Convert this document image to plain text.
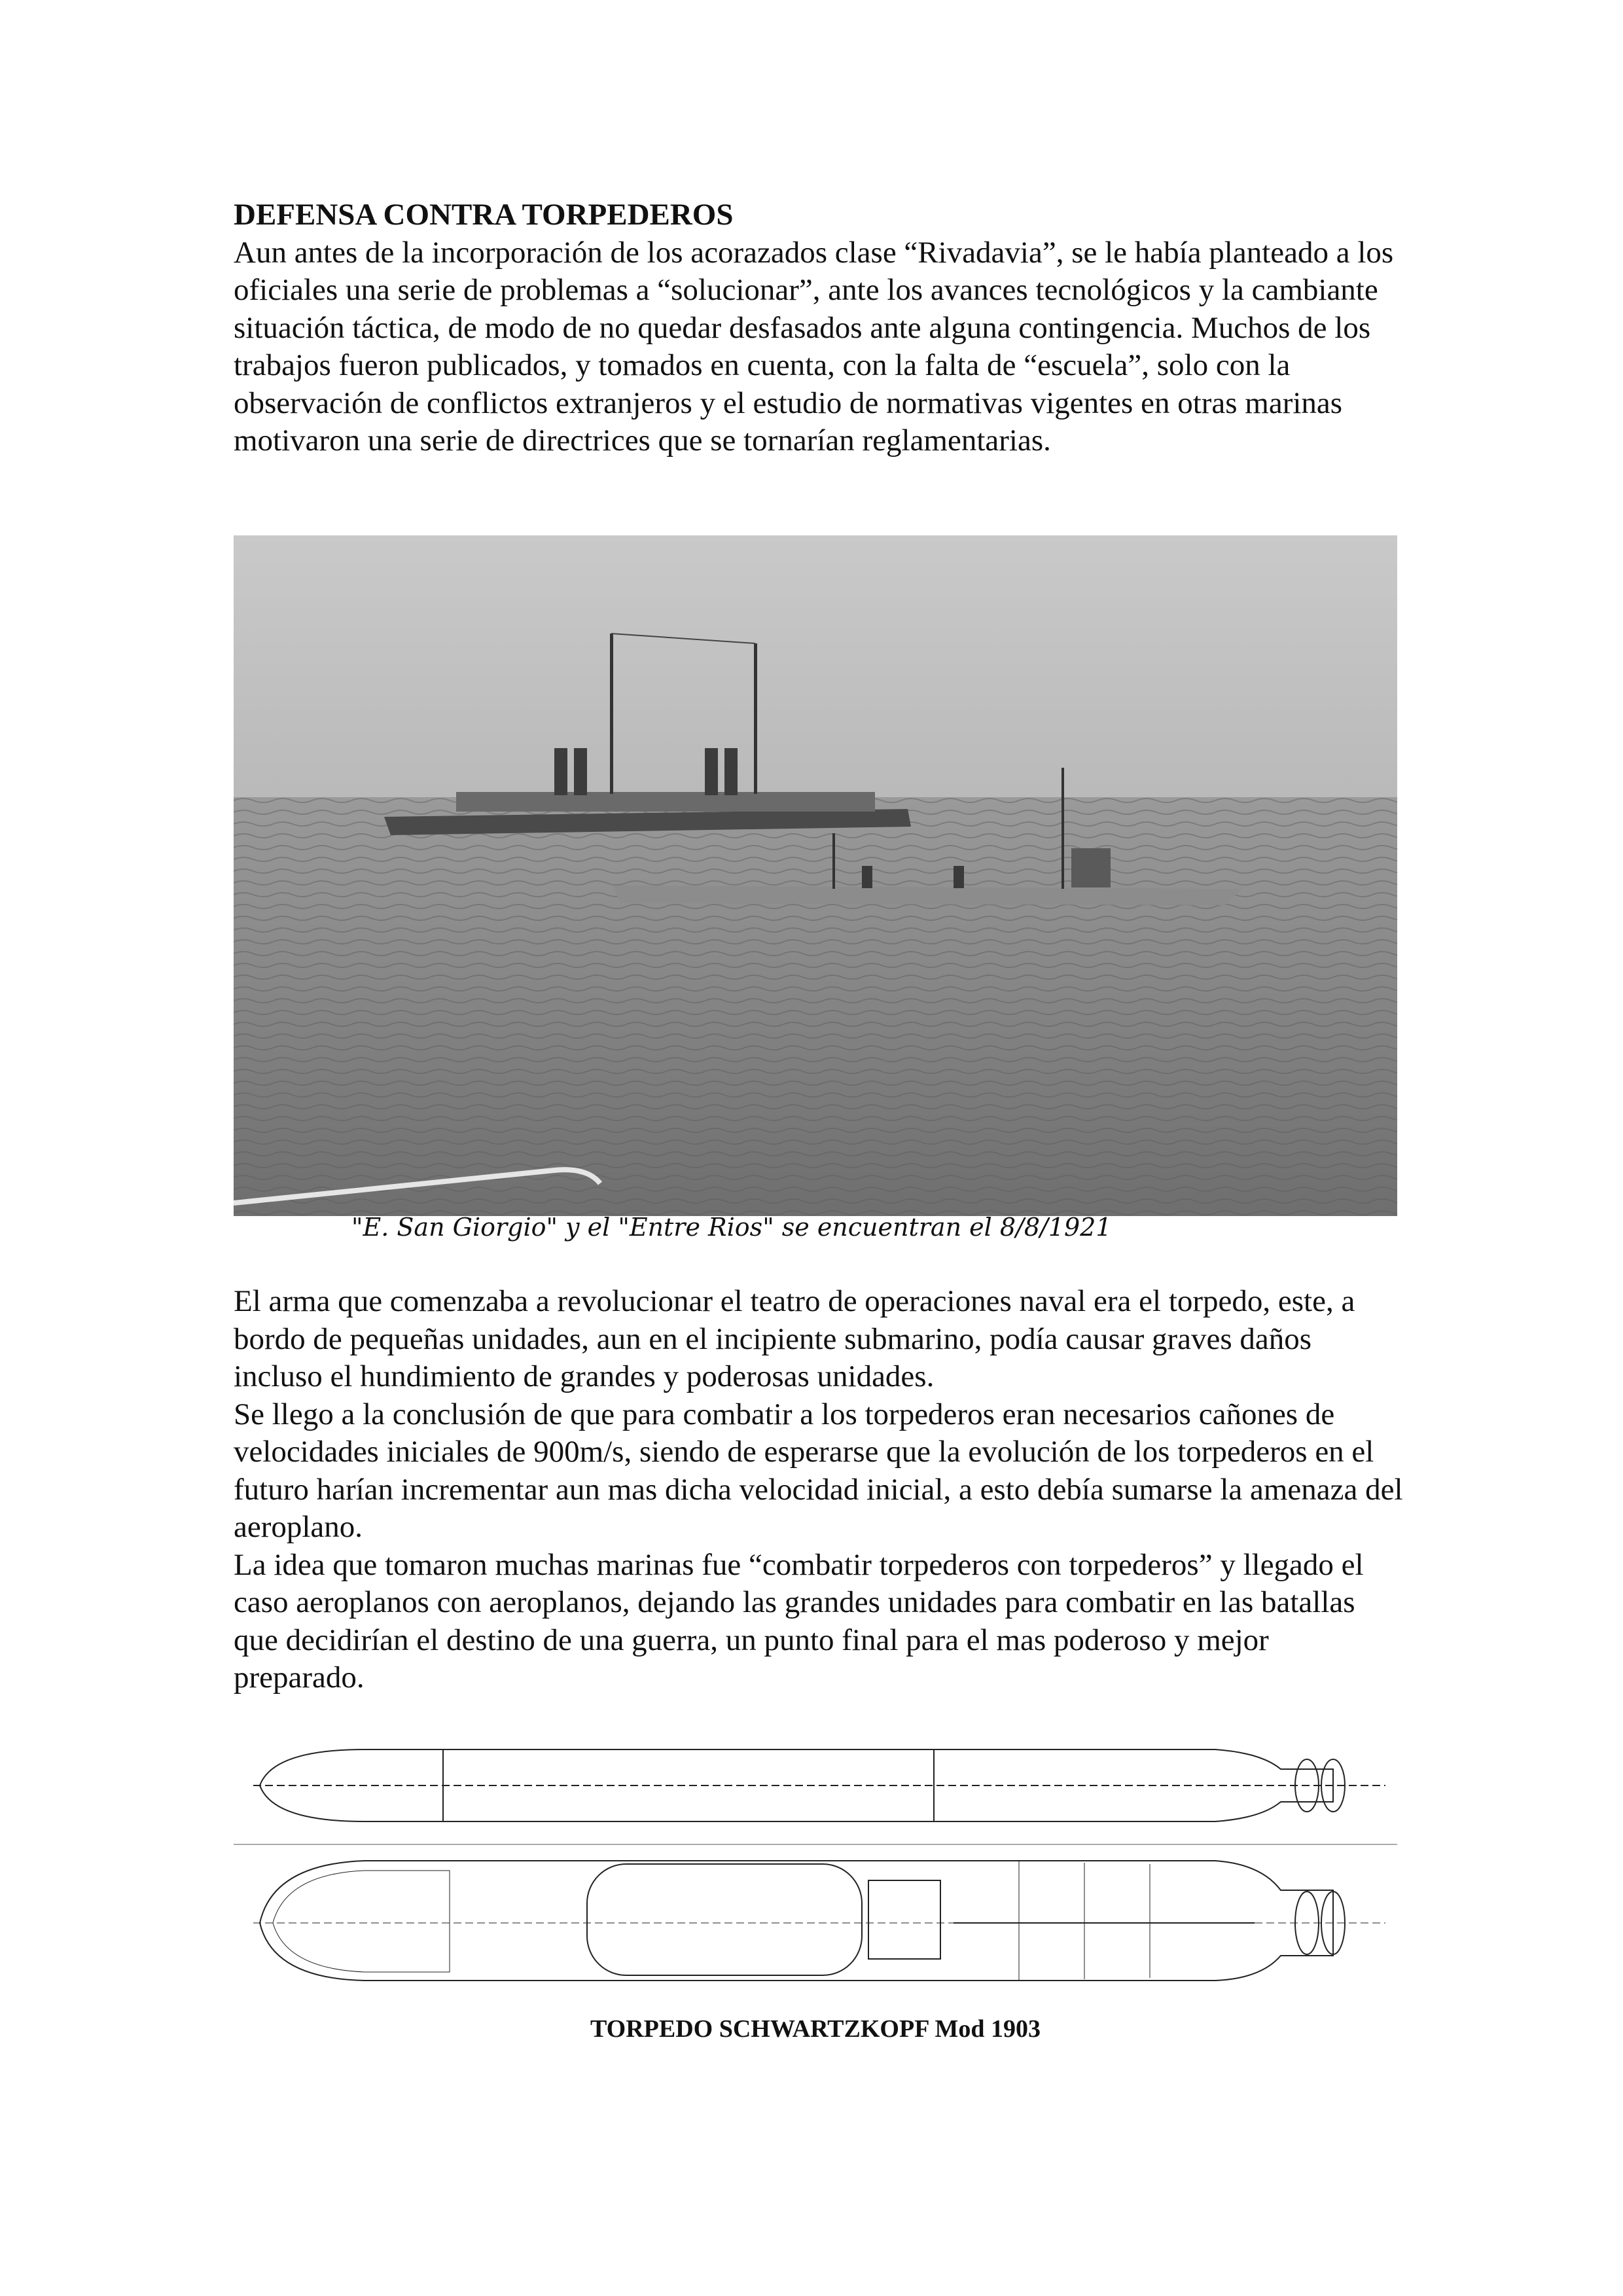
DEFENSA CONTRA TORPEDEROS
Aun antes de la incorporación de los acorazados clase “Rivadavia”, se le había planteado a los oficiales una serie de problemas a “solucionar”, ante los avances tecnológicos y la cambiante situación táctica, de modo de no quedar desfasados ante alguna contingencia. Muchos de los trabajos fueron publicados, y tomados en cuenta, con la falta de “escuela”, solo con la observación de conflictos extranjeros y el estudio de normativas vigentes en otras marinas motivaron una serie de directrices que se tornarían reglamentarias.
"E. San Giorgio" y el "Entre Rios" se encuentran el 8/8/1921
El arma que comenzaba a revolucionar el teatro de operaciones naval era el torpedo, este, a bordo de pequeñas unidades, aun en el incipiente submarino, podía causar graves daños incluso el hundimiento de grandes y poderosas unidades.
Se llego a la conclusión de que para combatir a los torpederos eran necesarios cañones de velocidades iniciales de 900m/s, siendo de esperarse que la evolución de los torpederos en el futuro harían incrementar aun mas dicha velocidad inicial, a esto debía sumarse la amenaza del aeroplano.
La idea que tomaron muchas marinas fue “combatir torpederos con torpederos” y llegado el caso aeroplanos con aeroplanos, dejando las grandes unidades para combatir en las batallas que decidirían el destino de una guerra, un punto final para el mas poderoso y mejor preparado.
TORPEDO SCHWARTZKOPF Mod 1903
